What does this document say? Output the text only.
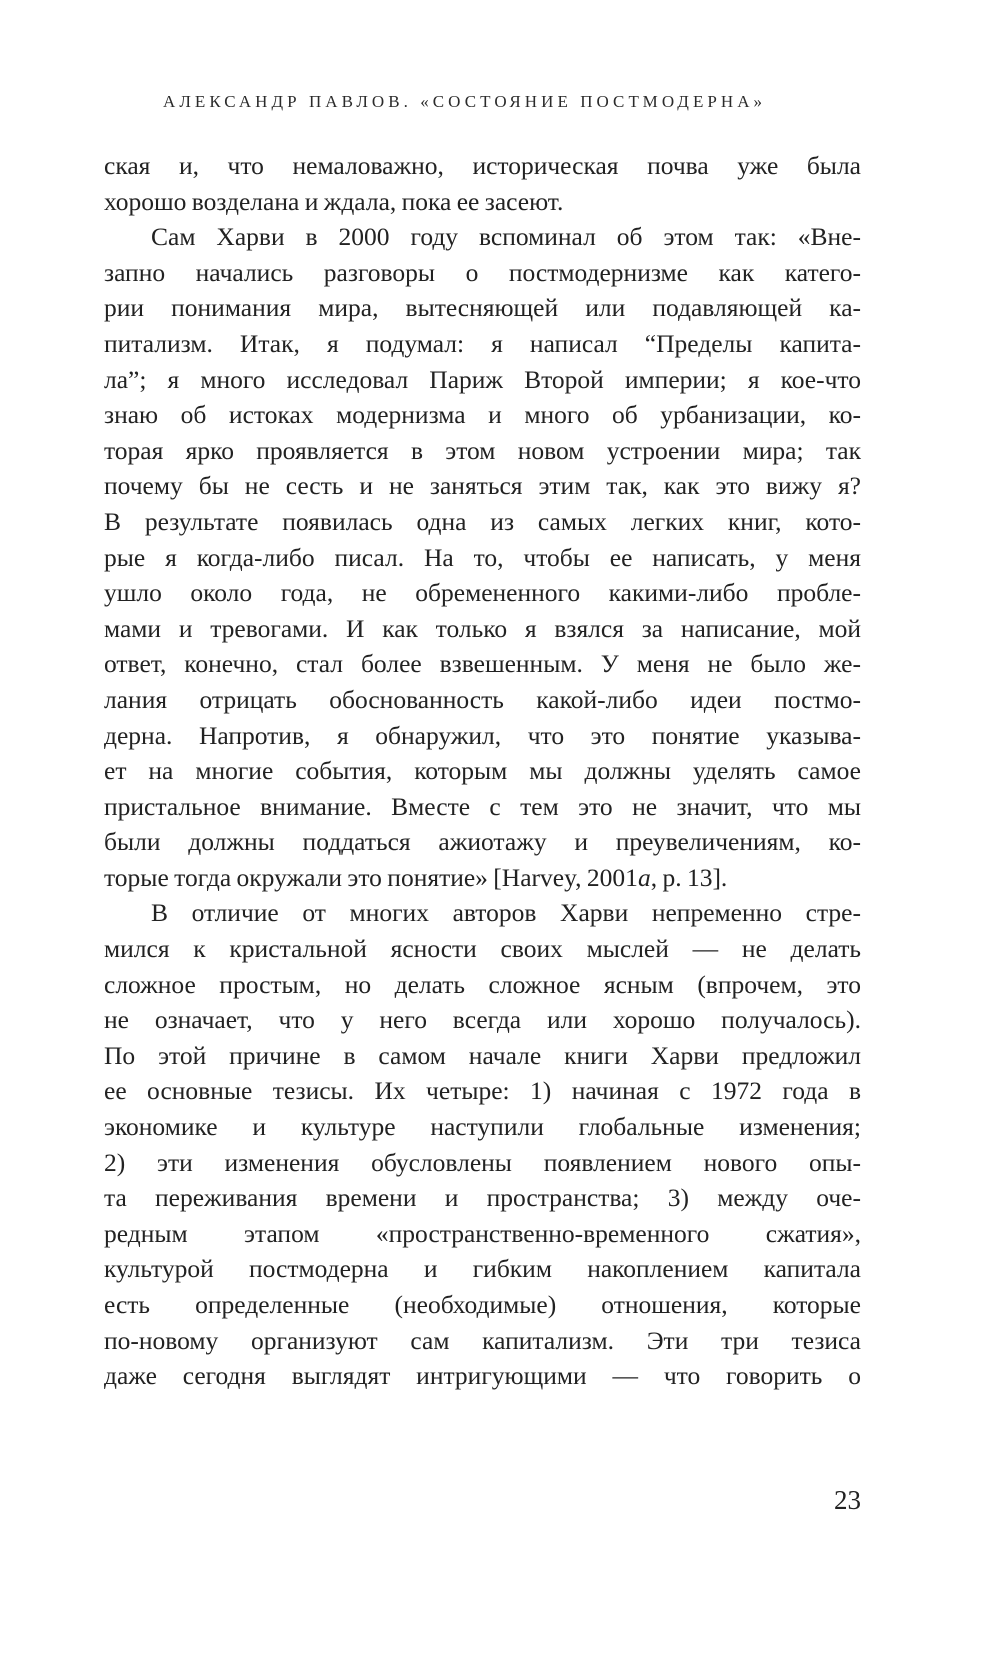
АЛЕКСАНДР ПАВЛОВ. «СОСТОЯНИЕ ПОСТМОДЕРНА»
ская и, что немаловажно, историческая почва уже была
хорошо возделана и ждала, пока ее засеют.
Сам Харви в 2000 году вспоминал об этом так: «Вне-
запно начались разговоры о постмодернизме как катего-
рии понимания мира, вытесняющей или подавляющей ка-
питализм. Итак, я подумал: я написал “Пределы капита-
ла”; я много исследовал Париж Второй империи; я кое-что
знаю об истоках модернизма и много об урбанизации, ко-
торая ярко проявляется в этом новом устроении мира; так
почему бы не сесть и не заняться этим так, как это вижу я?
В результате появилась одна из самых легких книг, кото-
рые я когда-либо писал. На то, чтобы ее написать, у меня
ушло около года, не обремененного какими-либо пробле-
мами и тревогами. И как только я взялся за написание, мой
ответ, конечно, стал более взвешенным. У меня не было же-
лания отрицать обоснованность какой-либо идеи постмо-
дерна. Напротив, я обнаружил, что это понятие указыва-
ет на многие события, которым мы должны уделять самое
пристальное внимание. Вместе с тем это не значит, что мы
были должны поддаться ажиотажу и преувеличениям, ко-
торые тогда окружали это понятие» [Harvey, 2001a, p. 13].
В отличие от многих авторов Харви непременно стре-
мился к кристальной ясности своих мыслей — не делать
сложное простым, но делать сложное ясным (впрочем, это
не означает, что у него всегда или хорошо получалось).
По этой причине в самом начале книги Харви предложил
ее основные тезисы. Их четыре: 1) начиная с 1972 года в
экономике и культуре наступили глобальные изменения;
2) эти изменения обусловлены появлением нового опы-
та переживания времени и пространства; 3) между оче-
редным этапом «пространственно-временного сжатия»,
культурой постмодерна и гибким накоплением капитала
есть определенные (необходимые) отношения, которые
по-новому организуют сам капитализм. Эти три тезиса
даже сегодня выглядят интригующими — что говорить о
23
